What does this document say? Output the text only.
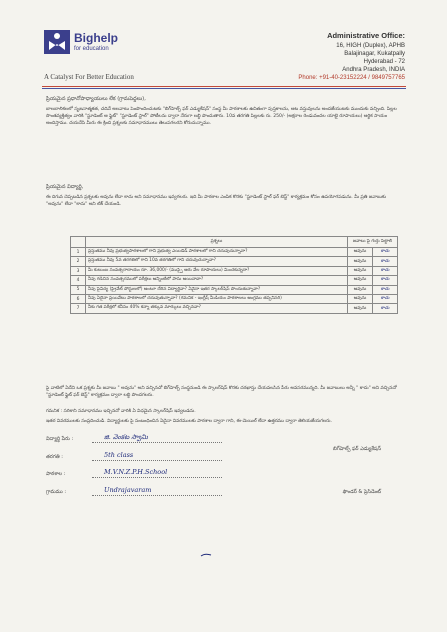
Bighelp
for education
A Catalyst For Better Education
Administrative Office:
16, HIGH (Duplex), APHB
Balajinagar, Kukatpally
Hyderabad - 72
Andhra Pradesh, INDIA
Phone: +91-40-23152224 / 9849757765
ప్రియమైన ప్రధానోపాధ్యాయులు లేక (గ్రామపెద్దలు),
బాలబాలికలలో సృజనాత్మకత, చదివే అలవాటు పెంపొందించుటకు "బిగ్‌హెల్ప్ ఫర్ ఎడ్యుకేషన్" సంస్థ మీ పాఠశాలకు ఉచితంగా పుస్తకాలను, ఆట వస్తువులను అందజేయుటకు ముందుకు వచ్చింది. పిల్లల సొంతవ్యక్తిత్వం వారికి "స్టూడెంట్ ఆ ఫ్లైట్" "స్టూడెంట్ స్టాల్" పోటీలను ద్వారా నేరుగా లబ్ధి పొందుతారు. 10వ తరగతి పిల్లలకు రు. 250/- (అక్షరాల రెండువందల యాభై రూపాయలు) ఆర్థిక సాయం అందిస్తాము. దయచేసి మీరు ఈ క్రింది ప్రశ్నలకు సమాధానములు తెలుపగలరని కోరుచున్నాము.
ప్రియమైన విద్యార్థి,
ఈ దిగువ చెప్పబడిన ప్రశ్నలకు అవును లేదా కాదు అని సమాధానము ఇవ్వగలరు. ఇది మీ పాఠశాల ఎంపిక కొరకు "స్టూడెంట్ స్టాల్ ఫర్ బెస్ట్" కార్యక్రమం కోసం ఉపయోగపడును. మీ ప్రతి జవాబుకు "అవును" లేదా "కాదు" అని టిక్ చేయండి.
	ప్రశ్నలు	జవాబు పై గుర్తు పెట్టాలి	
1	ప్రస్తుతము నీవు ప్రభుత్వపాఠశాలలో గాని ప్రభుత్వ ఎయిడెడ్ పాఠశాలలో గాని చదువుచున్నావా?	అవును	కాదు
2	ప్రస్తుతము నీవు 5వ తరగతిలో గాని 10వ తరగతిలో గాని చదువుచున్నావా?	అవును	కాదు
3	మీ కుటుంబ సంవత్సరాదాయం రూ. 36,000/- (ముప్పై ఆరు వేల రూపాయలు) మించకున్నదా?	అవును	కాదు
4	నీవు గడిచిన సంవత్సరములో పరీక్షలు అన్నింటిలో పాసు అయినావా?	అవును	కాదు
5	నీవు పైవిద్య (ప్రైవేట్ పోస్టులలో) అంటూ చేరిన విద్యార్థివా? ఏవైనా ఇతర స్కాలర్‌షిప్ పొందుతున్నావా?	అవును	కాదు
6	నీవు ఏదైనా ప్రయివేటు పాఠశాలలో చదువుతున్నావా? (గమనిక - ఇంగ్లీష్ మీడియం పాఠశాలలు ఆంగ్లము తప్పనిసరి)	అవును	కాదు
7	నీకు గత పరీక్షలో కనీసం 40% కన్నా తక్కువ మార్కులు వచ్చినవా?	అవును	కాదు
పై వాటిలో ఏదేని ఒక ప్రశ్నకు మీ జవాబు " అవును" అని వచ్చినచో బిగ్‌హెల్ప్ సంస్థనుండి ఈ స్కాలర్‌షిప్ కొరకు దరఖాస్తు చేయవలసిన పేరు అవసరమున్నది. మీ జవాబులు అన్నీ " కాదు" అని వచ్చినచో "స్టూడెంట్ ఫ్లైట్ ఫర్ బెస్ట్" కార్యక్రమం ద్వారా లబ్ధి పొందగలరు.
గమనిక : సరికాని సమాధానము ఇచ్చినచో వారికి ఏ విధమైన స్కాలర్‌షిప్ ఇవ్వబడదు.
ఇతర వివరములకు సంప్రదించుడి. విద్యార్థులకు పై సంబంధించిన ఏదైనా వివరములకు పాఠశాల ద్వారా గాని, ఈ-మెయిల్ లేదా ఉత్తరము ద్వారా తెలియజేయగలరు.
విద్యార్థి పేరు :	జి. వెంకట స్వామి
తరగతి :	5th class
పాఠశాల :	M.V.N.Z.P.H.School
గ్రామము :	Undrajavaram
బిగ్‌హెల్ప్ ఫర్ ఎడ్యుకేషన్
ఫౌండర్ & ప్రెసిడెంట్
